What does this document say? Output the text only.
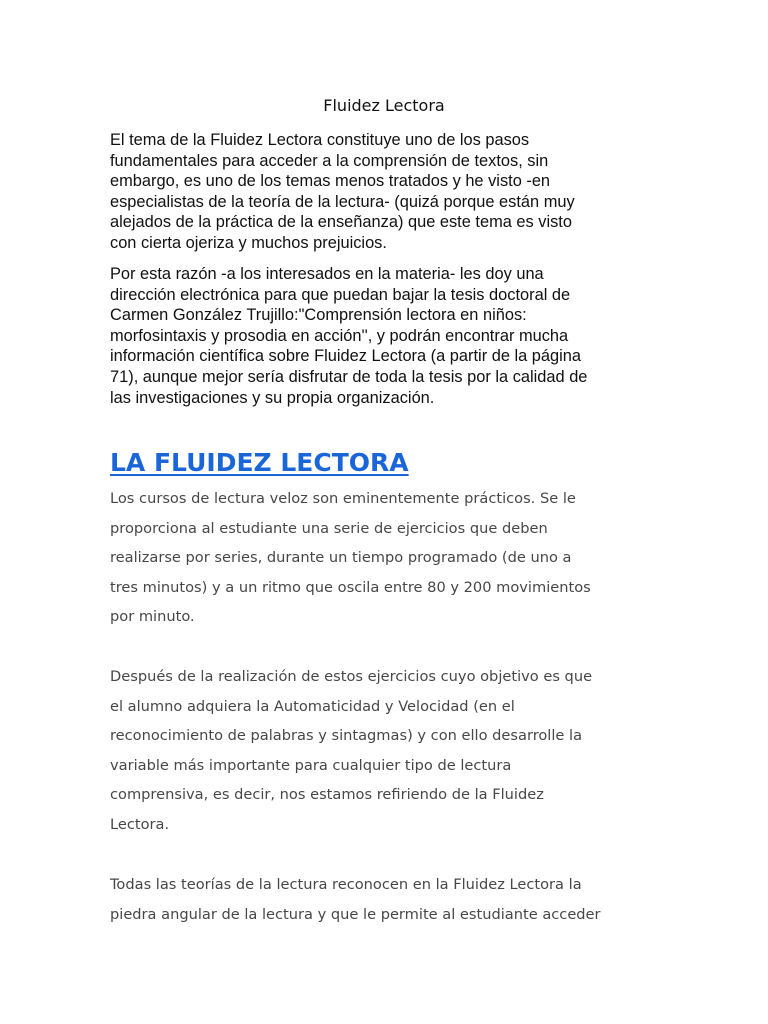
Fluidez Lectora

El tema de la Fluidez Lectora constituye uno de los pasos
fundamentales para acceder a la comprensión de textos, sin
embargo, es uno de los temas menos tratados y he visto -en
especialistas de la teoría de la lectura- (quizá porque están muy
alejados de la práctica de la enseñanza) que este tema es visto
con cierta ojeriza y muchos prejuicios.

Por esta razón -a los interesados en la materia- les doy una
dirección electrónica para que puedan bajar la tesis doctoral de
Carmen González Trujillo:"Comprensión lectora en niños:
morfosintaxis y prosodia en acción'', y podrán encontrar mucha
información científica sobre Fluidez Lectora (a partir de la página
71), aunque mejor sería disfrutar de toda la tesis por la calidad de
las investigaciones y su propia organización.

LA FLUIDEZ LECTORA

Los cursos de lectura veloz son eminentemente prácticos. Se le
proporciona al estudiante una serie de ejercicios que deben
realizarse por series, durante un tiempo programado (de uno a
tres minutos) y a un ritmo que oscila entre 80 y 200 movimientos
por minuto.

Después de la realización de estos ejercicios cuyo objetivo es que
el alumno adquiera la Automaticidad y Velocidad (en el
reconocimiento de palabras y sintagmas) y con ello desarrolle la
variable más importante para cualquier tipo de lectura
comprensiva, es decir, nos estamos refiriendo de la Fluidez
Lectora.

Todas las teorías de la lectura reconocen en la Fluidez Lectora la
piedra angular de la lectura y que le permite al estudiante acceder
